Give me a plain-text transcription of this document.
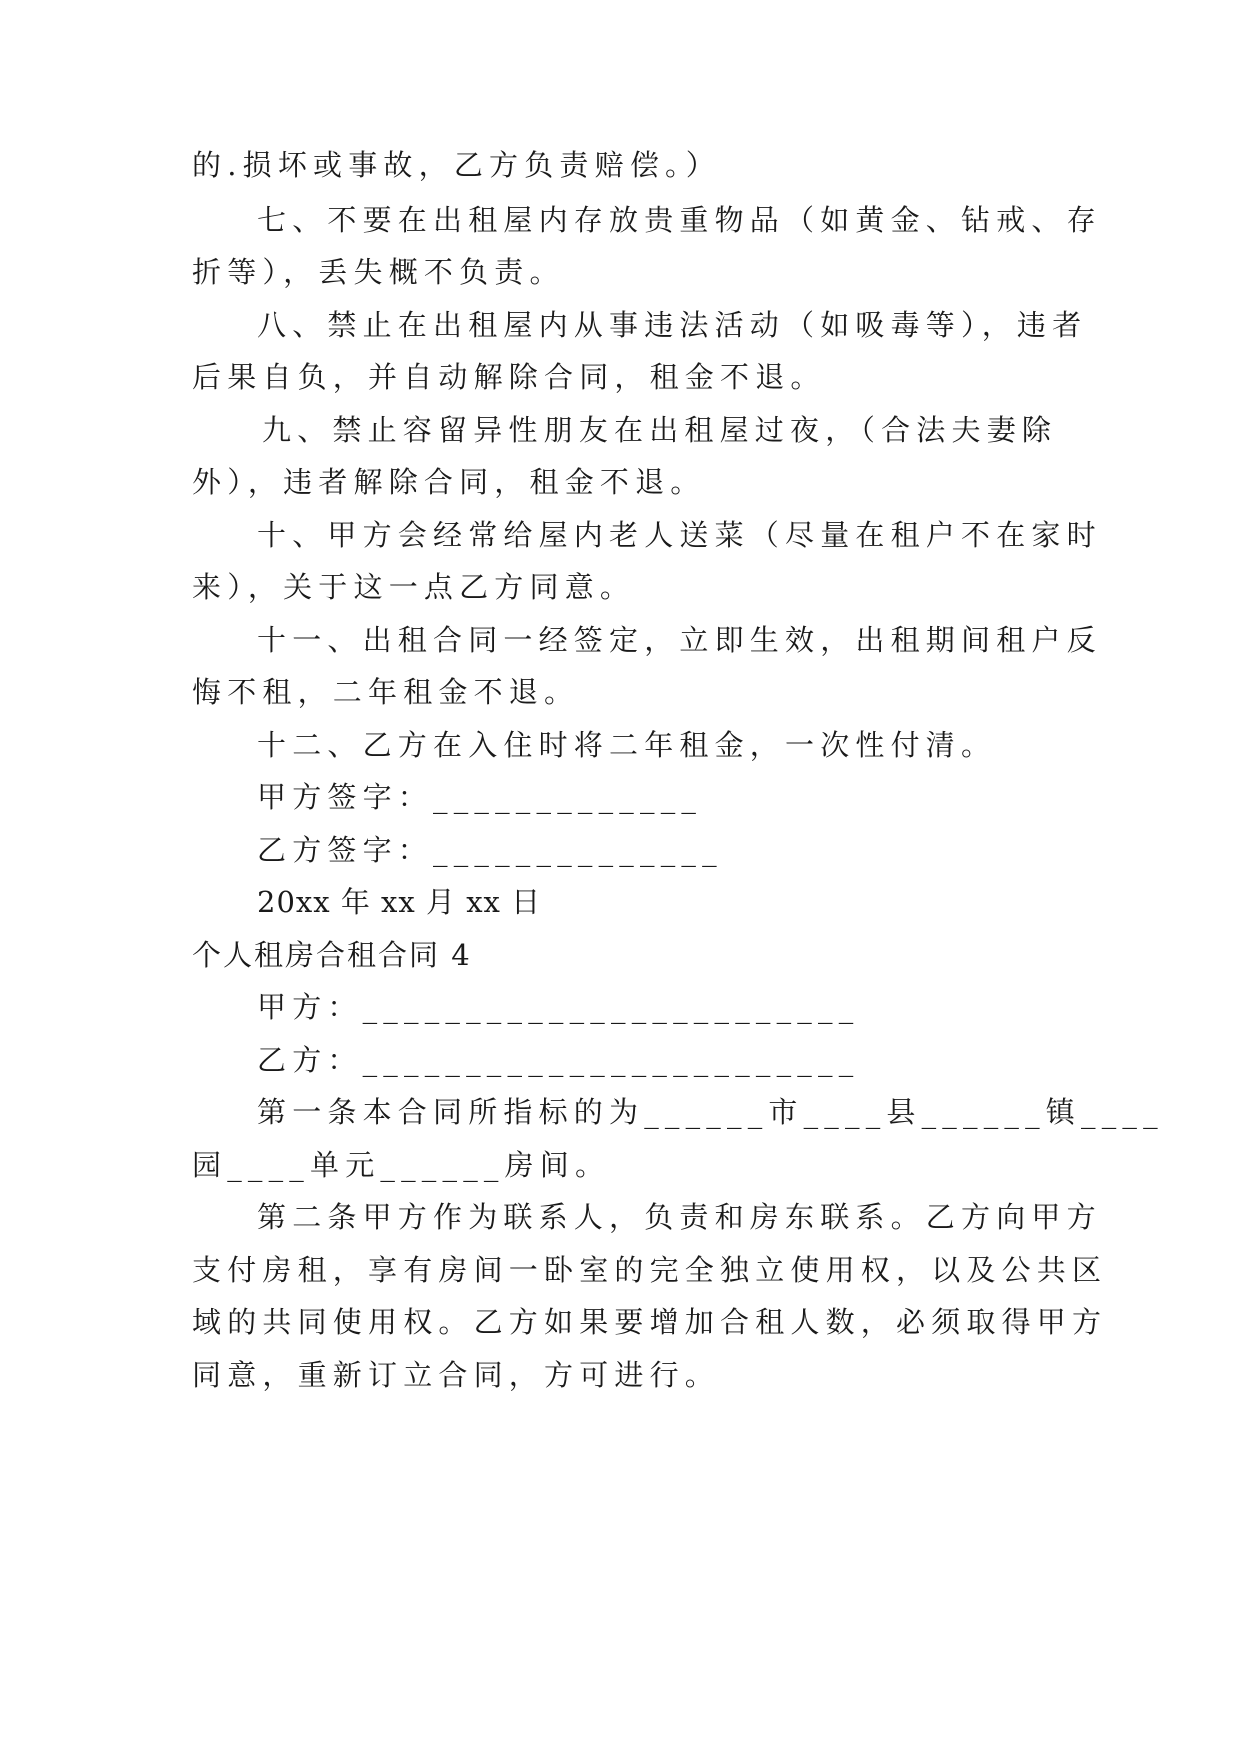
的.损坏或事故，乙方负责赔偿。）
七、不要在出租屋内存放贵重物品（如黄金、钻戒、存
折等），丢失概不负责。
八、禁止在出租屋内从事违法活动（如吸毒等），违者
后果自负，并自动解除合同，租金不退。
九、禁止容留异性朋友在出租屋过夜，（合法夫妻除
外），违者解除合同，租金不退。
十、甲方会经常给屋内老人送菜（尽量在租户不在家时
来），关于这一点乙方同意。
十一、出租合同一经签定，立即生效，出租期间租户反
悔不租，二年租金不退。
十二、乙方在入住时将二年租金，一次性付清。
甲方签字：_____________
乙方签字：______________
20xx 年 xx 月 xx 日
个人租房合租合同 4
甲方：________________________
乙方：________________________
第一条本合同所指标的为______市____县______镇____
园____单元______房间。
第二条甲方作为联系人，负责和房东联系。乙方向甲方
支付房租，享有房间一卧室的完全独立使用权，以及公共区
域的共同使用权。乙方如果要增加合租人数，必须取得甲方
同意，重新订立合同，方可进行。
